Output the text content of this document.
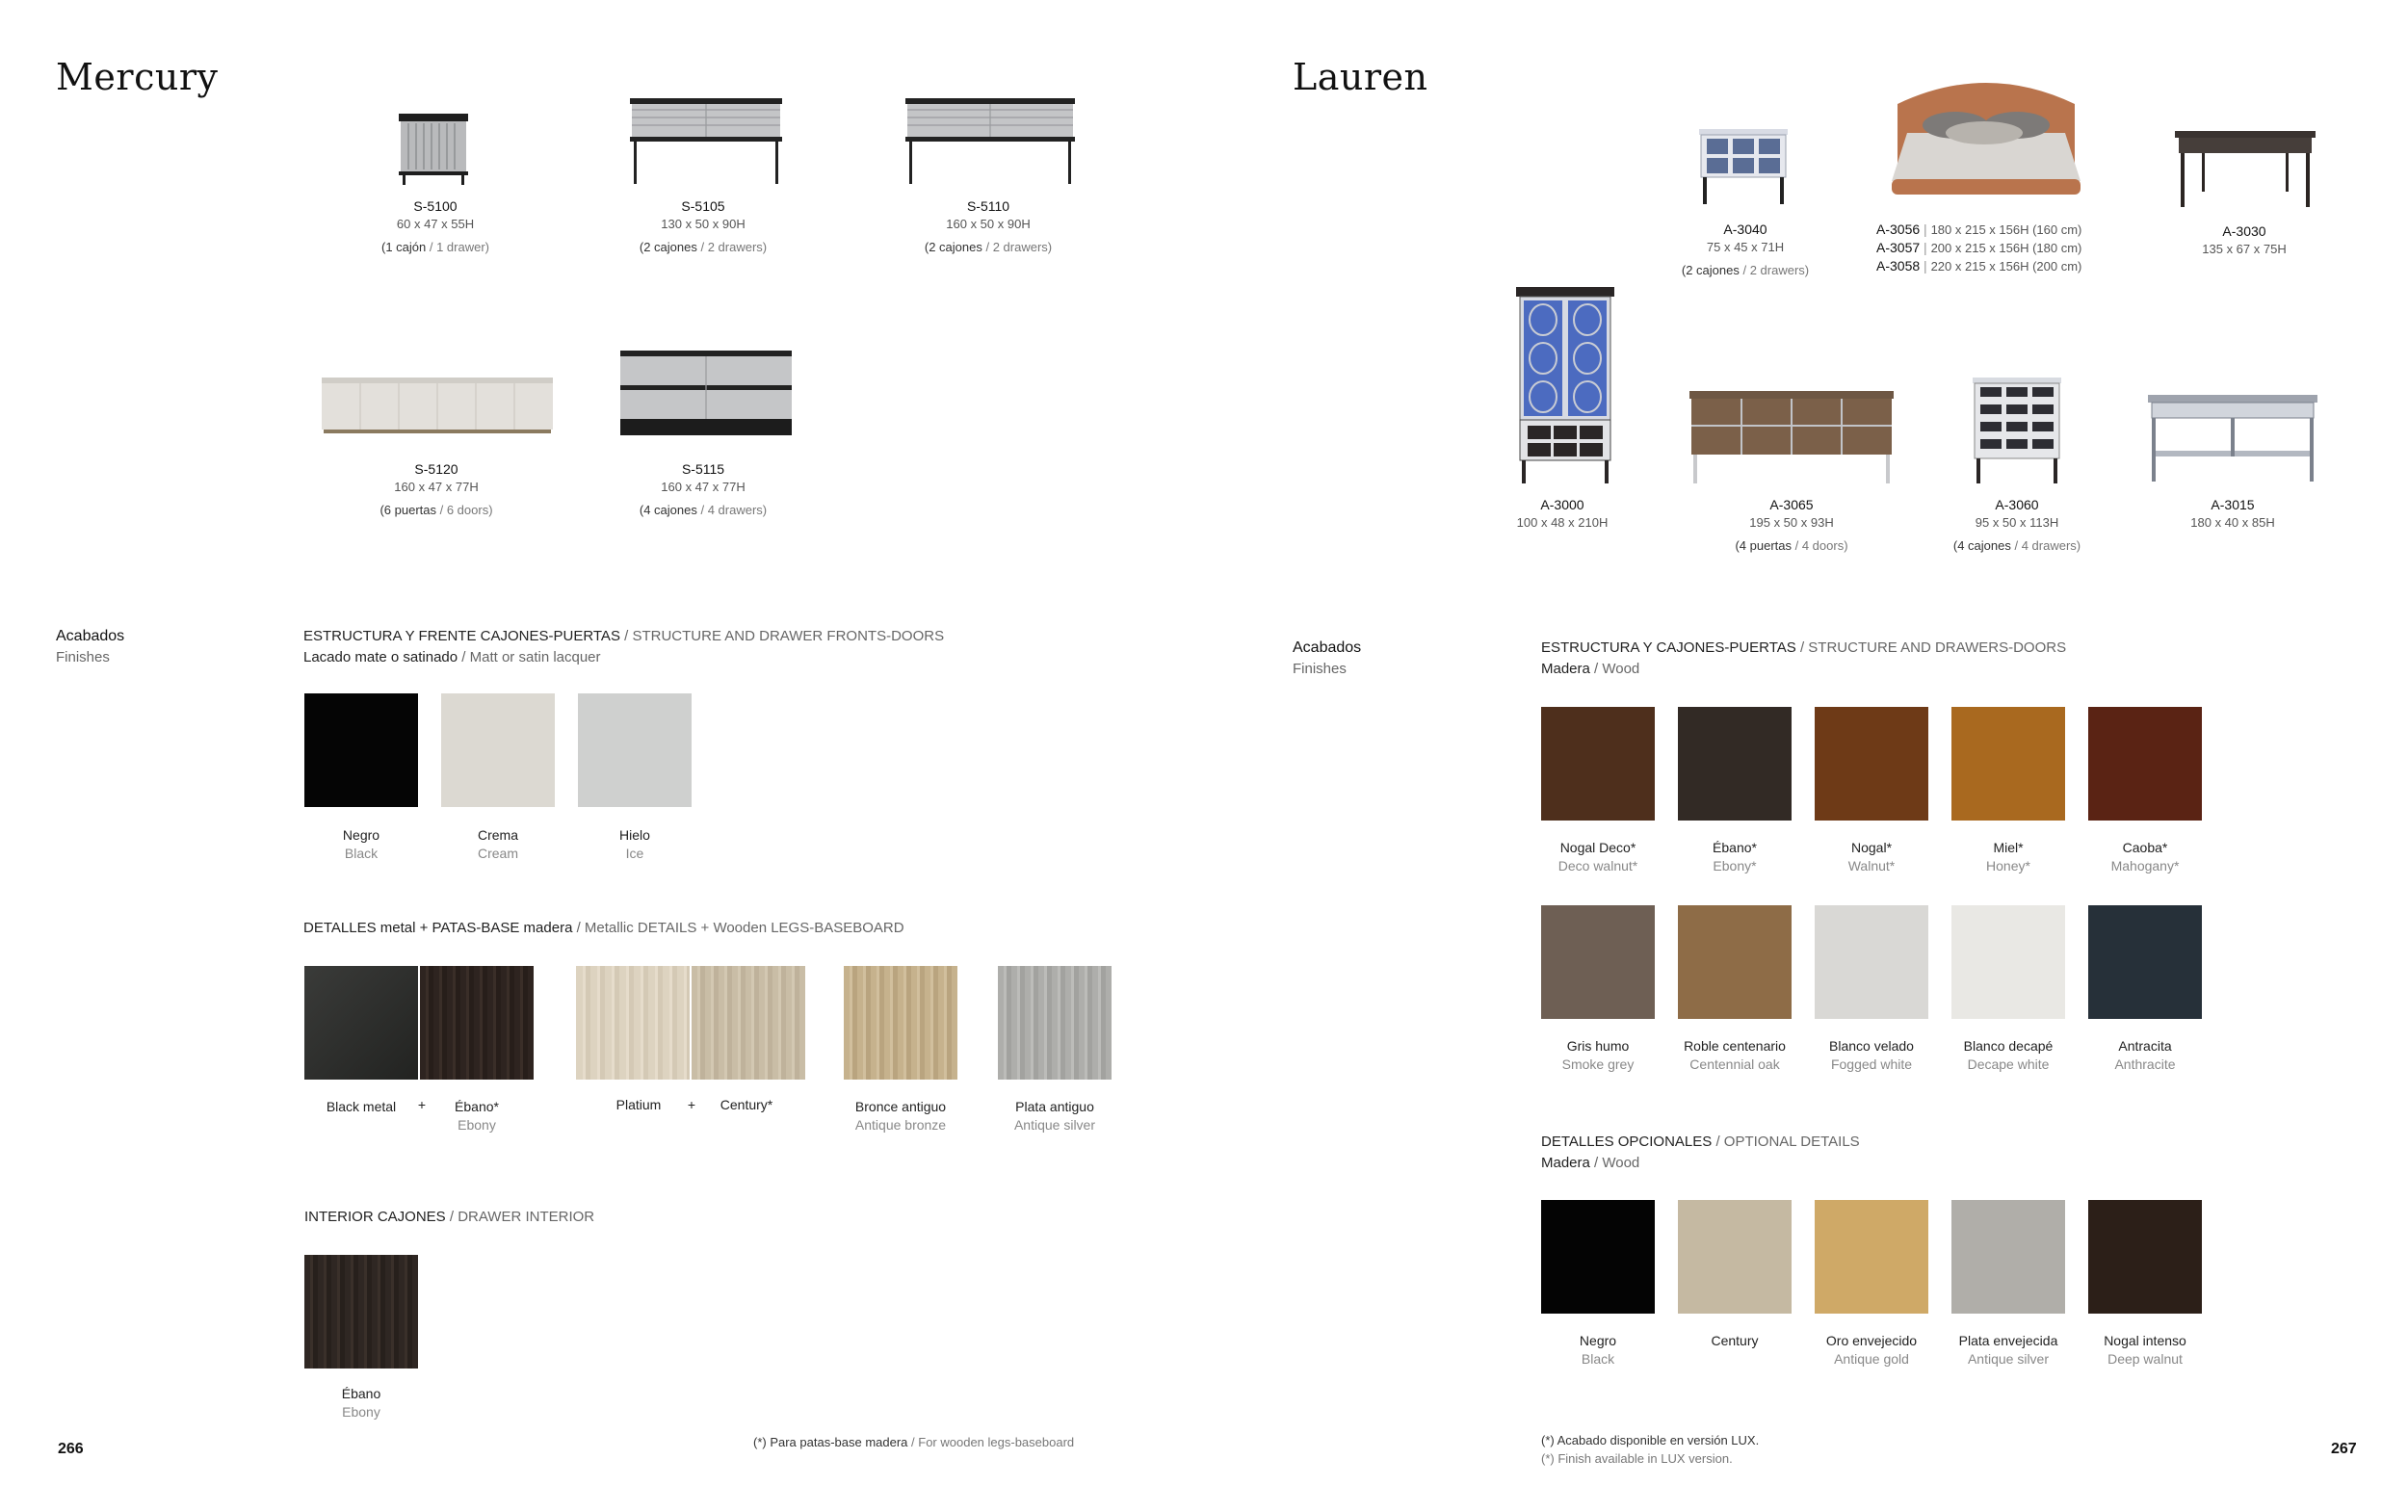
Mercury
S-5100
60 x 47 x 55H
(1 cajón / 1 drawer)
S-5105
130 x 50 x 90H
(2 cajones / 2 drawers)
S-5110
160 x 50 x 90H
(2 cajones / 2 drawers)
S-5120
160 x 47 x 77H
(6 puertas / 6 doors)
S-5115
160 x 47 x 77H
(4 cajones / 4 drawers)
Acabados
Finishes
ESTRUCTURA Y FRENTE CAJONES-PUERTAS / STRUCTURE AND DRAWER FRONTS-DOORS
Lacado mate o satinado / Matt or satin lacquer
Negro
Black
Crema
Cream
Hielo
Ice
DETALLES metal + PATAS-BASE madera / Metallic DETAILS + Wooden LEGS-BASEBOARD
Black metal	+	Ébano*
Ebony
Platium	+	Century*	Bronce antiguo
Antique bronze
Plata antiguo
Antique silver
INTERIOR CAJONES / DRAWER INTERIOR
Ébano
Ebony
(*) Para patas-base madera / For wooden legs-baseboard
266
Lauren
A-3040
75 x 45 x 71H
(2 cajones / 2 drawers)
A-3056 | 180 x 215 x 156H (160 cm)
A-3057 | 200 x 215 x 156H (180 cm)
A-3058 | 220 x 215 x 156H (200 cm)
A-3030
135 x 67 x 75H
A-3000
100 x 48 x 210H
A-3065
195 x 50 x 93H
(4 puertas / 4 doors)
A-3060
95 x 50 x 113H
(4 cajones / 4 drawers)
A-3015
180 x 40 x 85H
Acabados
Finishes
ESTRUCTURA Y CAJONES-PUERTAS / STRUCTURE AND DRAWERS-DOORS
Madera / Wood
Nogal Deco*
Deco walnut*
Ébano*
Ebony*
Nogal*
Walnut*
Miel*
Honey*
Caoba*
Mahogany*
Gris humo
Smoke grey
Roble centenario
Centennial oak
Blanco velado
Fogged white
Blanco decapé
Decape white
Antracita
Anthracite
DETALLES OPCIONALES / OPTIONAL DETAILS
Madera / Wood
Negro
Black
Century	Oro envejecido
Antique gold
Plata envejecida
Antique silver
Nogal intenso
Deep walnut
(*) Acabado disponible en versión LUX.
(*) Finish available in LUX version.
267
